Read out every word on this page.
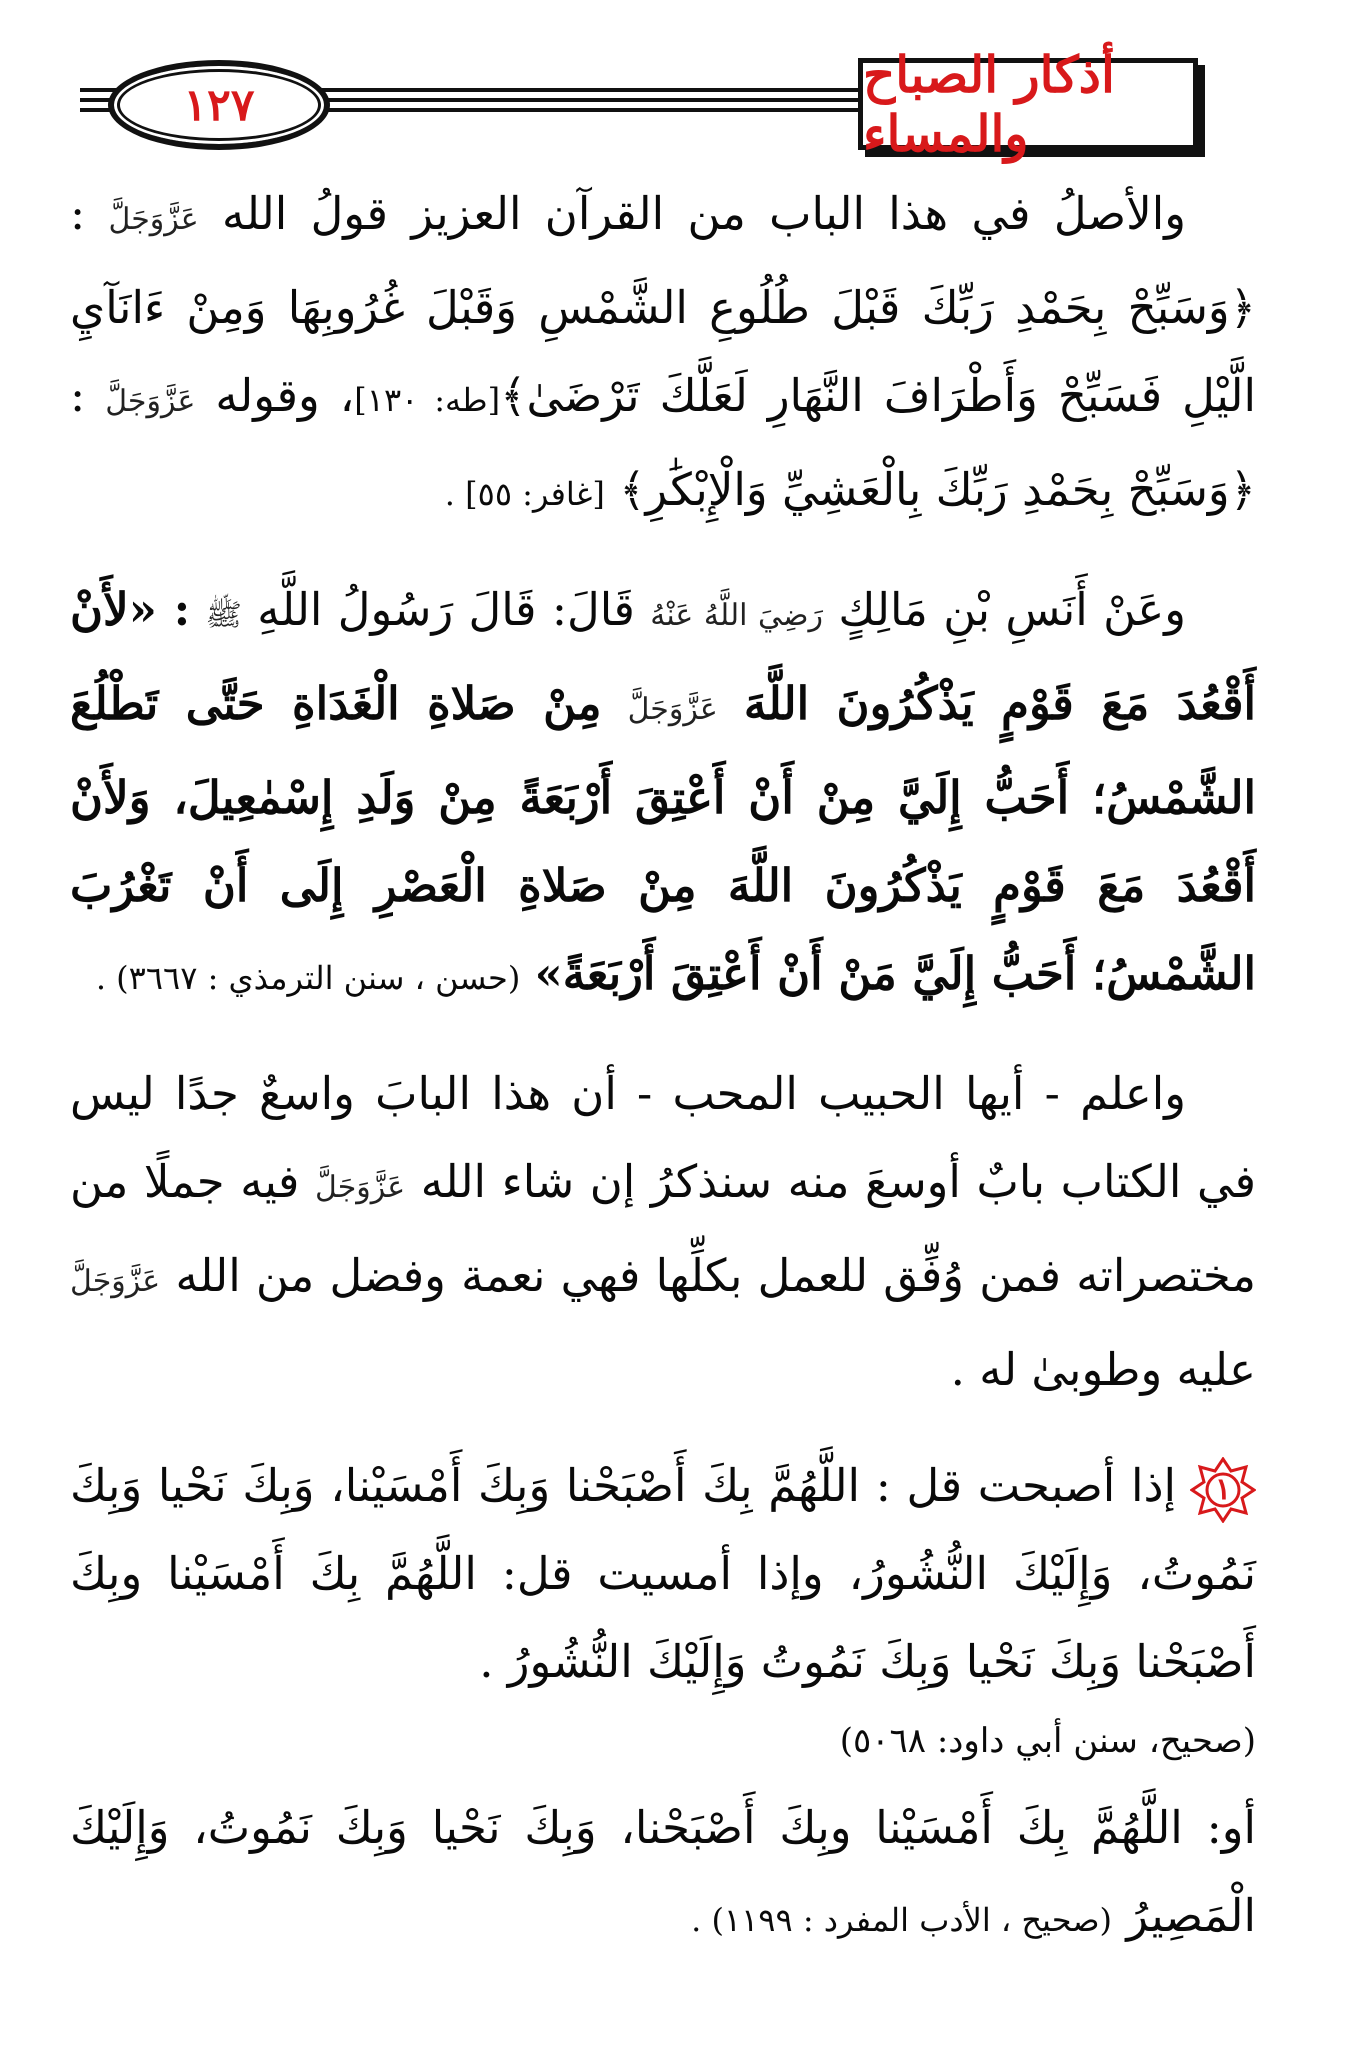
١٢٧
أذكار الصباح والمساء

والأصلُ في هذا الباب من القرآن العزيز قولُ الله عَزَّوَجَلَّ : ﴿وَسَبِّحْ بِحَمْدِ رَبِّكَ قَبْلَ طُلُوعِ الشَّمْسِ وَقَبْلَ غُرُوبِهَا وَمِنْ ءَانَآيِ الَّيْلِ فَسَبِّحْ وَأَطْرَافَ النَّهَارِ لَعَلَّكَ تَرْضَىٰ﴾[طه: ١٣٠]، وقوله عَزَّوَجَلَّ : ﴿وَسَبِّحْ بِحَمْدِ رَبِّكَ بِالْعَشِيِّ وَالْإِبْكَٰرِ﴾ [غافر: ٥٥] .

وعَنْ أَنَسِ بْنِ مَالِكٍ رَضِيَ اللَّهُ عَنْهُ قَالَ: قَالَ رَسُولُ اللَّهِ ﷺ : «لأَنْ أَقْعُدَ مَعَ قَوْمٍ يَذْكُرُونَ اللَّهَ عَزَّوَجَلَّ مِنْ صَلاةِ الْغَدَاةِ حَتَّى تَطْلُعَ الشَّمْسُ؛ أَحَبُّ إِلَيَّ مِنْ أَنْ أَعْتِقَ أَرْبَعَةً مِنْ وَلَدِ إِسْمٰعِيلَ، وَلأَنْ أَقْعُدَ مَعَ قَوْمٍ يَذْكُرُونَ اللَّهَ مِنْ صَلاةِ الْعَصْرِ إِلَى أَنْ تَغْرُبَ الشَّمْسُ؛ أَحَبُّ إِلَيَّ مَنْ أَنْ أَعْتِقَ أَرْبَعَةً» (حسن ، سنن الترمذي : ٣٦٦٧) .

واعلم - أيها الحبيب المحب - أن هذا البابَ واسعٌ جدًا ليس في الكتاب بابٌ أوسعَ منه سنذكرُ إن شاء الله عَزَّوَجَلَّ فيه جملًا من مختصراته فمن وُفِّق للعمل بكلِّها فهي نعمة وفضل من الله عَزَّوَجَلَّ عليه وطوبىٰ له .

١
إذا أصبحت قل : اللَّهُمَّ بِكَ أَصْبَحْنا وَبِكَ أَمْسَيْنا، وَبِكَ نَحْيا وَبِكَ نَمُوتُ، وَإِلَيْكَ النُّشُورُ، وإذا أمسيت قل: اللَّهُمَّ بِكَ أَمْسَيْنا وبِكَ أَصْبَحْنا وَبِكَ نَحْيا وَبِكَ نَمُوتُ وَإِلَيْكَ النُّشُورُ .

(صحيح، سنن أبي داود: ٥٠٦٨)

أو: اللَّهُمَّ بِكَ أَمْسَيْنا وبِكَ أَصْبَحْنا، وَبِكَ نَحْيا وَبِكَ نَمُوتُ، وَإِلَيْكَ الْمَصِيرُ (صحيح ، الأدب المفرد : ١١٩٩) .
